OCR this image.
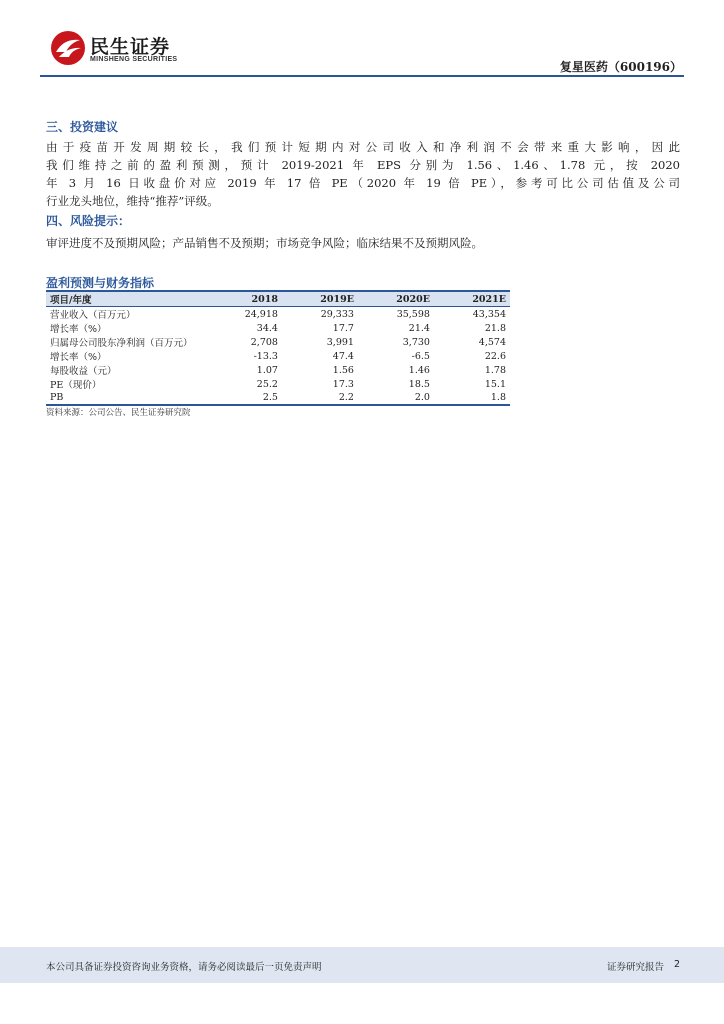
民生证券
MINSHENG SECURITIES
复星医药（600196）
三、投资建议
由于疫苗开发周期较长，我们预计短期内对公司收入和净利润不会带来重大影响，因此
我们维持之前的盈利预测，预计 2019-2021 年 EPS 分别为 1.56、1.46、1.78 元，按 2020
年 3 月 16 日收盘价对应 2019 年 17 倍 PE（2020 年 19 倍 PE），参考可比公司估值及公司
行业龙头地位，维持“推荐”评级。
四、风险提示：
审评进度不及预期风险；产品销售不及预期；市场竞争风险；临床结果不及预期风险。
盈利预测与财务指标
项目/年度	2018	2019E	2020E	2021E
营业收入（百万元）	24,918	29,333	35,598	43,354
增长率（%）	34.4	17.7	21.4	21.8
归属母公司股东净利润（百万元）	2,708	3,991	3,730	4,574
增长率（%）	-13.3	47.4	-6.5	22.6
每股收益（元）	1.07	1.56	1.46	1.78
PE（现价）	25.2	17.3	18.5	15.1
PB	2.5	2.2	2.0	1.8
资料来源：公司公告、民生证券研究院
本公司具备证券投资咨询业务资格，请务必阅读最后一页免责声明	证券研究报告 2
